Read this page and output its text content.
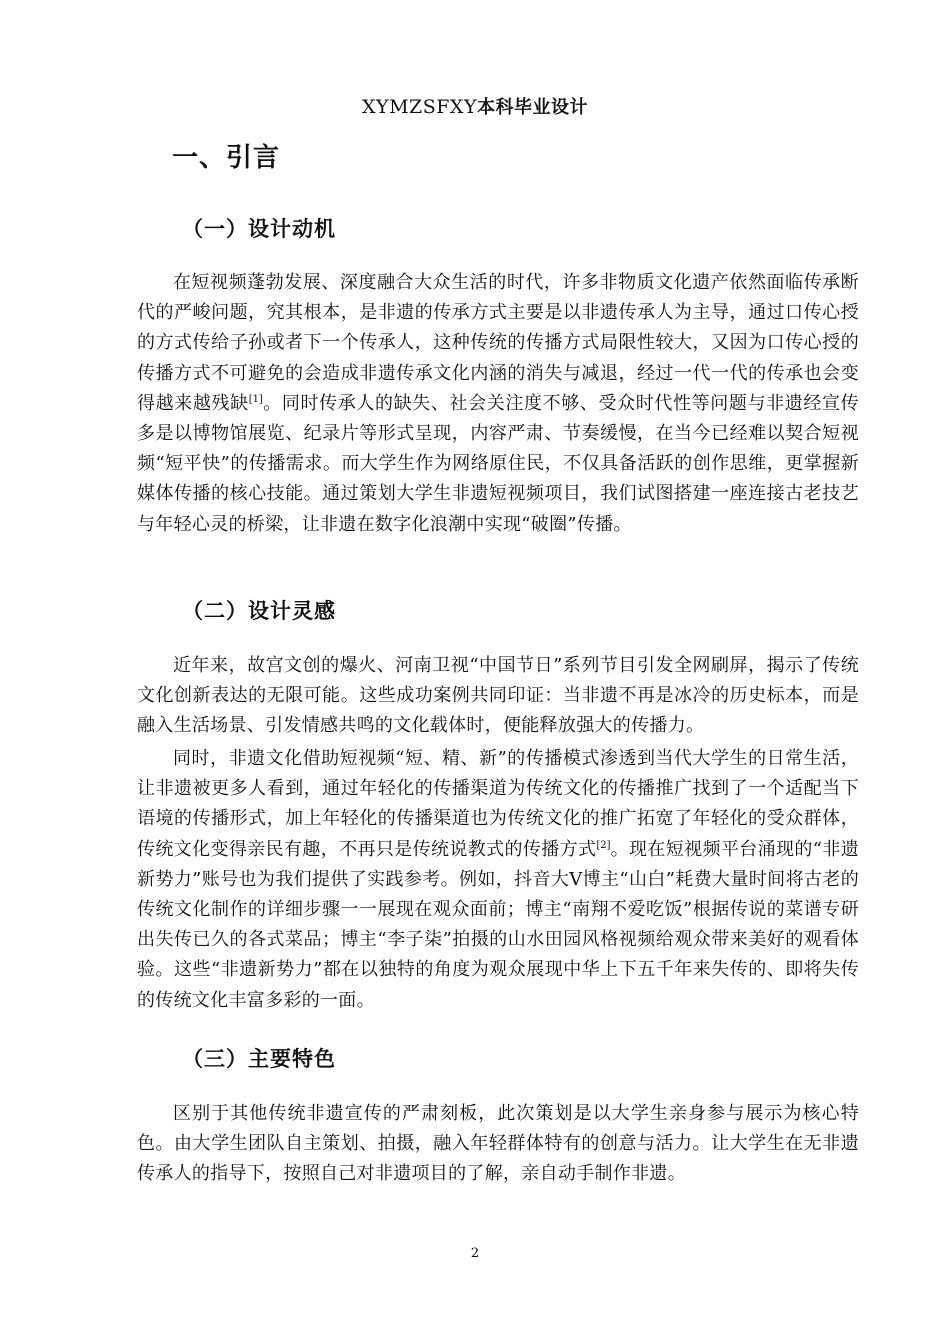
XYMZSFXY本科毕业设计
一、引言
（一）设计动机

在短视频蓬勃发展、深度融合大众生活的时代，许多非物质文化遗产依然面临传承断代的严峻问题，究其根本，是非遗的传承方式主要是以非遗传承人为主导，通过口传心授的方式传给子孙或者下一个传承人，这种传统的传播方式局限性较大，又因为口传心授的传播方式不可避免的会造成非遗传承文化内涵的消失与减退，经过一代一代的传承也会变得越来越残缺[1]。同时传承人的缺失、社会关注度不够、受众时代性等问题与非遗经宣传多是以博物馆展览、纪录片等形式呈现，内容严肃、节奏缓慢，在当今已经难以契合短视频“短平快”的传播需求。而大学生作为网络原住民，不仅具备活跃的创作思维，更掌握新媒体传播的核心技能。通过策划大学生非遗短视频项目，我们试图搭建一座连接古老技艺与年轻心灵的桥梁，让非遗在数字化浪潮中实现“破圈”传播。

（二）设计灵感

近年来，故宫文创的爆火、河南卫视“中国节日”系列节目引发全网刷屏，揭示了传统文化创新表达的无限可能。这些成功案例共同印证：当非遗不再是冰冷的历史标本，而是融入生活场景、引发情感共鸣的文化载体时，便能释放强大的传播力。

同时，非遗文化借助短视频“短、精、新”的传播模式渗透到当代大学生的日常生活，让非遗被更多人看到，通过年轻化的传播渠道为传统文化的传播推广找到了一个适配当下语境的传播形式，加上年轻化的传播渠道也为传统文化的推广拓宽了年轻化的受众群体，传统文化变得亲民有趣，不再只是传统说教式的传播方式[2]。现在短视频平台涌现的“非遗新势力”账号也为我们提供了实践参考。例如，抖音大V博主“山白”耗费大量时间将古老的传统文化制作的详细步骤一一展现在观众面前；博主“南翔不爱吃饭”根据传说的菜谱专研出失传已久的各式菜品；博主“李子柒”拍摄的山水田园风格视频给观众带来美好的观看体验。这些“非遗新势力”都在以独特的角度为观众展现中华上下五千年来失传的、即将失传的传统文化丰富多彩的一面。

（三）主要特色

区别于其他传统非遗宣传的严肃刻板，此次策划是以大学生亲身参与展示为核心特色。由大学生团队自主策划、拍摄，融入年轻群体特有的创意与活力。让大学生在无非遗传承人的指导下，按照自己对非遗项目的了解，亲自动手制作非遗。

2
